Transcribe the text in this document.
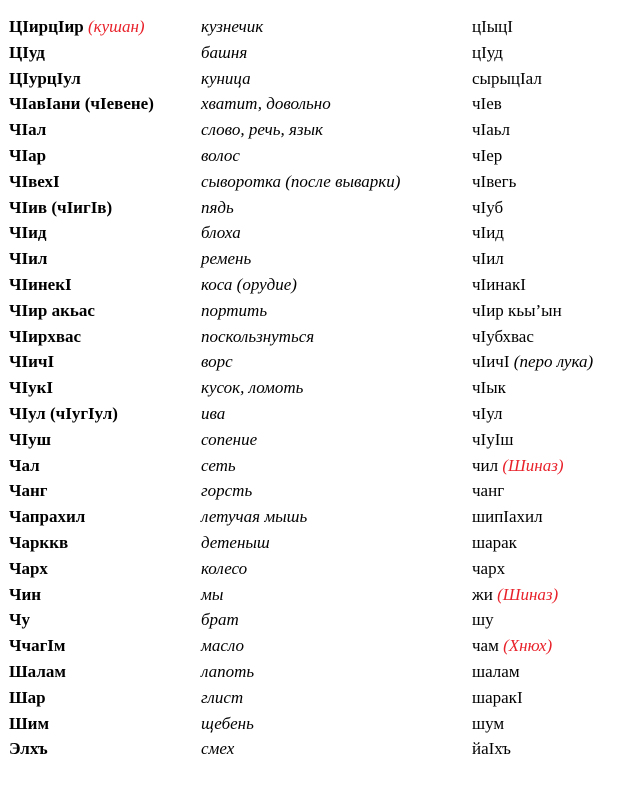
ЦIирцIир (кушан)	кузнечик	цIыцI
ЦIуд	башня	цIуд
ЦIурцIул	куница	сырыцIал
ЧIавIани (чIевене)	хватит, довольно	чIев
ЧIал	слово, речь, язык	чIаьл
ЧIар	волос	чIер
ЧIвехI	сыворотка (после выварки)	чIвегь
ЧIив (чIигIв)	пядь	чIуб
ЧIид	блоха	чIид
ЧIил	ремень	чIил
ЧIинекI	коса (орудие)	чIинакI
ЧIир акьас	портить	чIир кьы’ын
ЧIирхвас	поскользнуться	чIубхвас
ЧIичI	ворс	чIичI (перо лука)
ЧIукI	кусок, ломоть	чIык
ЧIул (чIугIул)	ива	чIул
ЧIуш	сопение	чIуIш
Чал	сеть	чил (Шиназ)
Чанг	горсть	чанг
Чапрахил	летучая мышь	шипIахил
Чарккв	детеныш	шарак
Чарх	колесо	чарх
Чин	мы	жи (Шиназ)
Чу	брат	шу
ЧчагIм	масло	чам (Хнюх)
Шалам	лапоть	шалам
Шар	глист	шаракI
Шим	щебень	шум
Элхъ	смех	йаIхъ
